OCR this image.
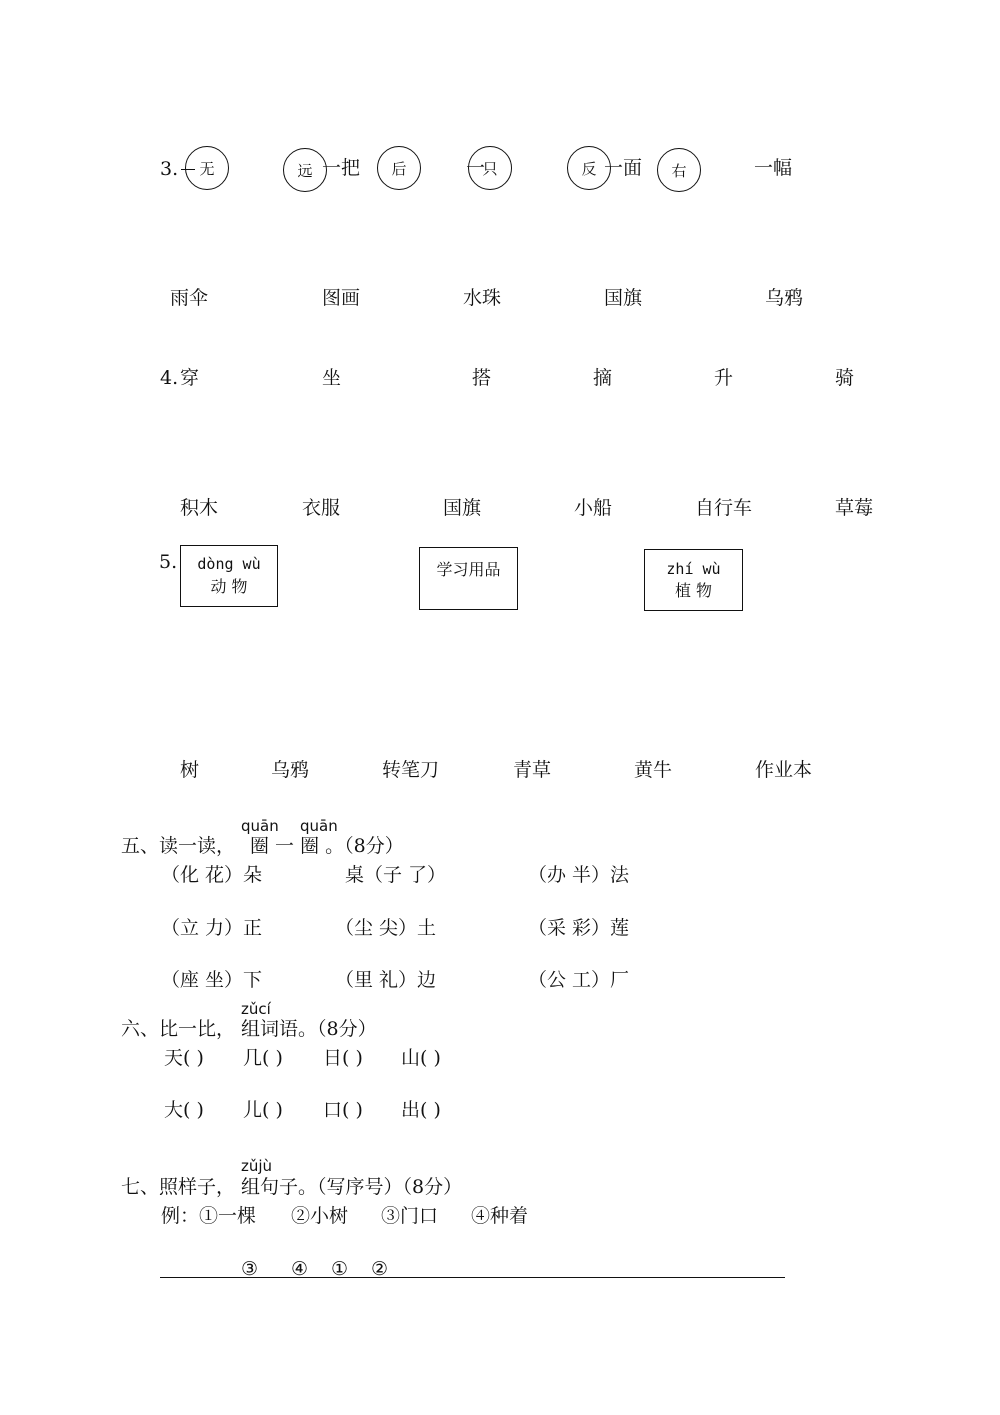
3.	无	远 一把	后	一
只	反 一面	右	一幅
雨伞	图画	水珠	国旗	乌鸦
4. 穿	坐	搭	摘	升	骑
积木	衣服	国旗	小船	自行车	草莓
5.	dòng wù
动 物
学习用品	zhí wù
植 物
树	乌鸦	转笔刀	青草	黄牛	作业本
quān quān
五、读一读， 圈 一 圈 。（8分）
（化 花）朵	桌（子 了）	（办 半）法
（立 力）正	（尘 尖）土	（采 彩）莲
（座 坐）下	（里 礼）边	（公 工）厂
zǔcí
六、比一比， 组词语。（8分）
天( ) 几( ) 日( ) 山( )
大( ) 儿( ) 口( ) 出( )
zǔjù
七、照样子， 组句子。（写序号）（8分）
例：①一棵 ②小树 ③门口 ④种着
③ ④ ① ②
